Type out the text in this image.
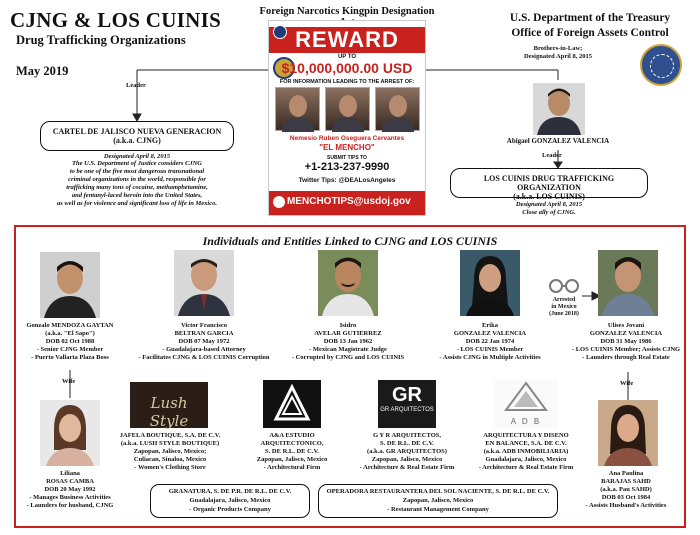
CJNG & LOS CUINIS
Drug Trafficking Organizations
May 2019
U.S. Department of the Treasury
Office of Foreign Assets Control
Foreign Narcotics Kingpin Designation
Leader
CARTEL DE JALISCO NUEVA GENERACION
(a.k.a. CJNG)
Designated April 8, 2015
The U.S. Department of Justice considers CJNG
to be one of the five most dangerous transnational
criminal organizations in the world, responsible for
trafficking many tons of cocaine, methamphetamine,
and fentanyl-laced heroin into the United States,
as well as for violence and significant loss of life in Mexico.
REWARD
UP TO
$10,000,000.00 USD
FOR INFORMATION LEADING TO THE ARREST OF:
Nemesio Ruben Oseguera Cervantes
"EL MENCHO"
SUBMIT TIPS TO
+1-213-237-9990
Twitter Tips: @DEALosAngeles
MENCHOTIPS@usdoj.gov
Brothers-in-Law;
Designated April 8, 2015
Abigael GONZALEZ VALENCIA
Leader
LOS CUINIS DRUG TRAFFICKING ORGANIZATION
(a.k.a. LOS CUINIS)
Designated April 8, 2015
Close ally of CJNG.
Individuals and Entities Linked to CJNG and LOS CUINIS
Arrested
in Mexico
(June 2018)
Gonzalo MENDOZA GAYTAN
(a.k.a. "El Sapo")
DOB 02 Oct 1988
- Senior CJNG Member
- Puerto Vallarta Plaza Boss
Victor Francisco
BELTRAN GARCIA
DOB 07 May 1972
- Guadalajara-based Attorney
- Facilitates CJNG & LOS CUINIS Corruption
Isidro
AVELAR GUTIERREZ
DOB 13 Jan 1962
- Mexican Magistrate Judge
- Corrupted by CJNG and LOS CUINIS
Erika
GONZALEZ VALENCIA
DOB 22 Jan 1974
- LOS CUINIS Member
- Assists CJNG in Multiple Activities
Ulises Jovani
GONZALEZ VALENCIA
DOB 31 May 1986
- LOS CUINIS Member; Assists CJNG
- Launders through Real Estate
Wife	Wife
Lush Style
GR
GR ARQUITECTOS
A D B
JAFELA BOUTIQUE, S.A. DE C.V.
(a.k.a. LUSH STYLE BOUTIQUE)
Zapopan, Jalisco, Mexico;
Culiacan, Sinaloa, Mexico
- Women's Clothing Store
A&A ESTUDIO
ARQUITECTONICO,
S. DE R.L. DE C.V.
Zapopan, Jalisco, Mexico
- Architectural Firm
G Y R ARQUITECTOS,
S. DE R.L. DE C.V.
(a.k.a. GR ARQUITECTOS)
Zapopan, Jalisco, Mexico
- Architecture & Real Estate Firm
ARQUITECTURA Y DISENO
EN BALANCE, S.A. DE C.V.
(a.k.a. ADB INMOBILIARIA)
Guadalajara, Jalisco, Mexico
- Architecture & Real Estate Firm
Liliana
ROSAS CAMBA
DOB 20 May 1992
- Manages Business Activities
- Launders for husband, CJNG
Ana Paulina
BARAJAS SAHD
(a.k.a. Pau SAHD)
DOB 03 Oct 1984
- Assists Husband's Activities
GRANATURA, S. DE P.R. DE R.L. DE C.V.
Guadalajara, Jalisco, Mexico
- Organic Products Company
OPERADORA RESTAURANTERA DEL SOL NACIENTE, S. DE R.L. DE C.V.
Zapopan, Jalisco, Mexico
- Restaurant Management Company
